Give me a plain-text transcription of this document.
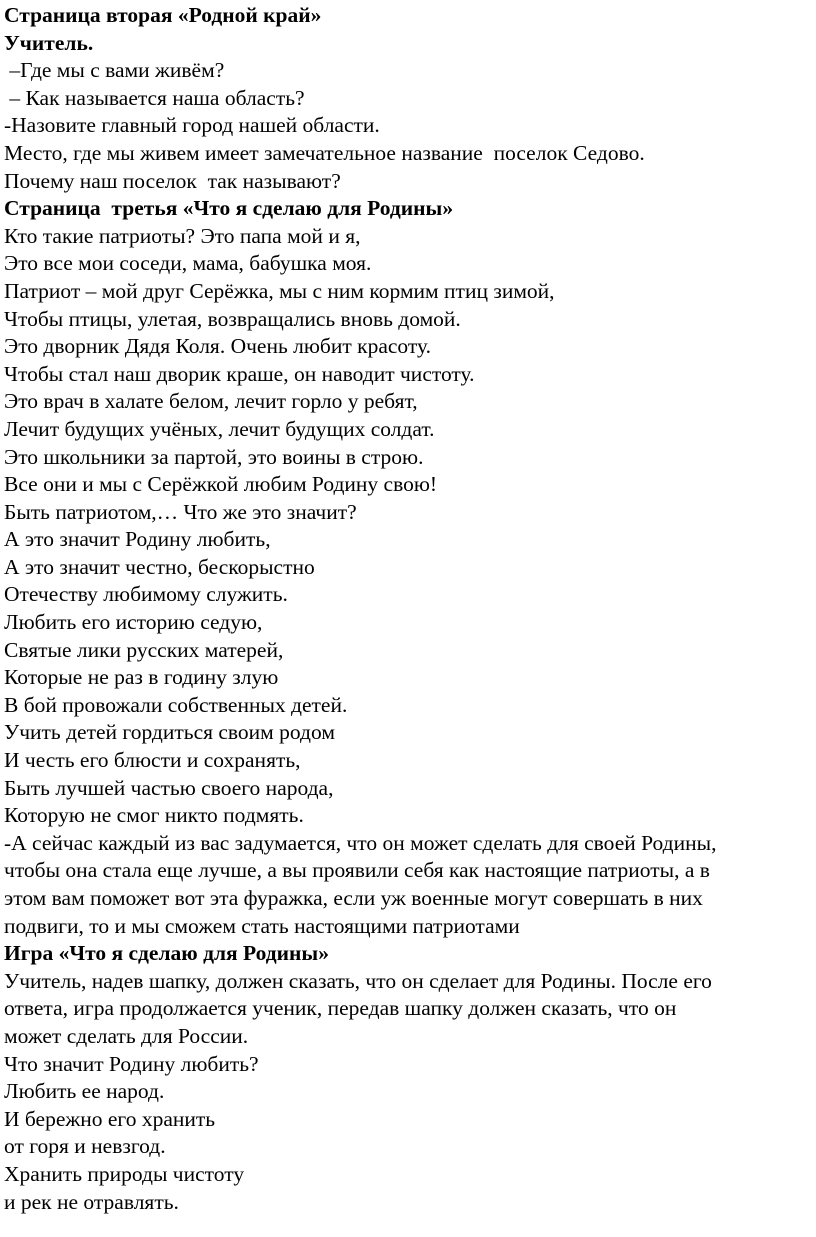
Страница вторая «Родной край»
Учитель.
–Где мы с вами живём?
– Как называется наша область?
-Назовите главный город нашей области.
Место, где мы живем имеет замечательное название  поселок Седово.
Почему наш поселок  так называют?
Страница  третья «Что я сделаю для Родины»
Кто такие патриоты? Это папа мой и я,
Это все мои соседи, мама, бабушка моя.
Патриот – мой друг Серёжка, мы с ним кормим птиц зимой,
Чтобы птицы, улетая, возвращались вновь домой.
Это дворник Дядя Коля. Очень любит красоту.
Чтобы стал наш дворик краше, он наводит чистоту.
Это врач в халате белом, лечит горло у ребят,
Лечит будущих учёных, лечит будущих солдат.
Это школьники за партой, это воины в строю.
Все они и мы с Серёжкой любим Родину свою!
Быть патриотом,… Что же это значит?
А это значит Родину любить,
А это значит честно, бескорыстно
Отечеству любимому служить.
Любить его историю седую,
Святые лики русских матерей,
Которые не раз в годину злую
В бой провожали собственных детей.
Учить детей гордиться своим родом
И честь его блюсти и сохранять,
Быть лучшей частью своего народа,
Которую не смог никто подмять.
-А сейчас каждый из вас задумается, что он может сделать для своей Родины,
чтобы она стала еще лучше, а вы проявили себя как настоящие патриоты, а в
этом вам поможет вот эта фуражка, если уж военные могут совершать в них
подвиги, то и мы сможем стать настоящими патриотами
Игра «Что я сделаю для Родины»
Учитель, надев шапку, должен сказать, что он сделает для Родины. После его
ответа, игра продолжается ученик, передав шапку должен сказать, что он
может сделать для России.
Что значит Родину любить?
Любить ее народ.
И бережно его хранить
от горя и невзгод.
Хранить природы чистоту
и рек не отравлять.
